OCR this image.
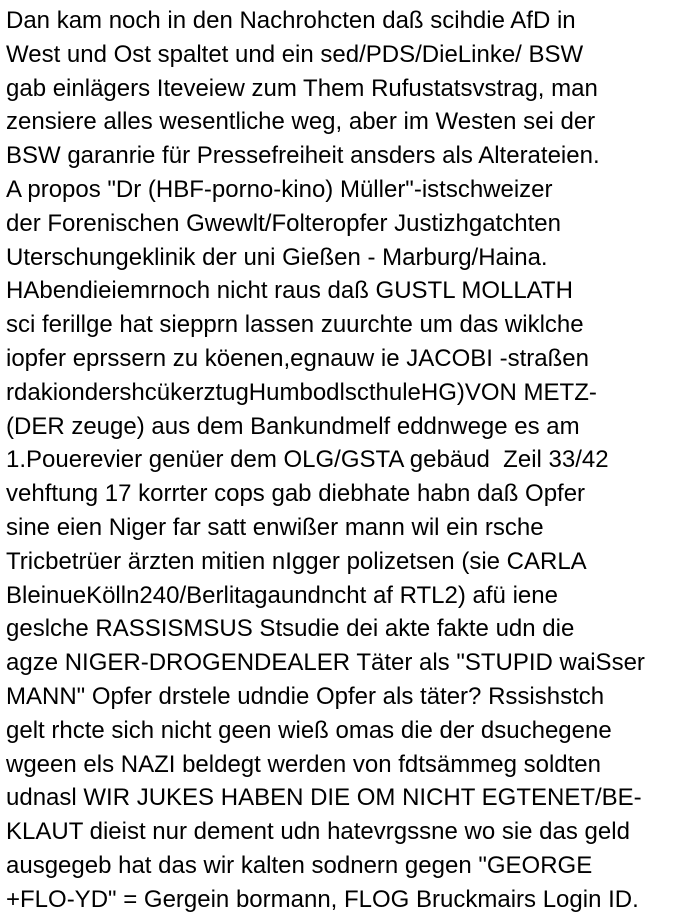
Dan kam noch in den Nachrohcten daß scihdie AfD in
West und Ost spaltet und ein sed/PDS/DieLinke/ BSW
gab einlägers Iteveiew zum Them Rufustatsvstrag, man
zensiere alles wesentliche weg, aber im Westen sei der
BSW garanrie für Pressefreiheit ansders als Alterateien.
A propos "Dr (HBF-porno-kino) Müller"-istschweizer
der Forenischen Gwewlt/Folteropfer Justizhgatchten
Uterschungeklinik der uni Gießen - Marburg/Haina.
HAbendieiemrnoch nicht raus daß GUSTL MOLLATH
sci ferillge hat siepprn lassen zuurchte um das wiklche
iopfer eprssern zu köenen,egnauw ie JACOBI -straßen
rdakiondershcükerztugHumbodlscthuleHG)VON METZ-
(DER zeuge) aus dem Bankundmelf eddnwege es am
1.Pouerevier genüer dem OLG/GSTA gebäud  Zeil 33/42
vehftung 17 korrter cops gab diebhate habn daß Opfer
sine eien Niger far satt enwißer mann wil ein rsche
Tricbetrüer ärzten mitien nIgger polizetsen (sie CARLA
BleinueKölln240/Berlitagaundncht af RTL2) afü iene
geslche RASSISMSUS Stsudie dei akte fakte udn die
agze NIGER-DROGENDEALER Täter als "STUPID waiSser
MANN" Opfer drstele udndie Opfer als täter? Rssishstch
gelt rhcte sich nicht geen wieß omas die der dsuchegene
wgeen els NAZI beldegt werden von fdtsämmeg soldten
udnasl WIR JUKES HABEN DIE OM NICHT EGTENET/BE-
KLAUT dieist nur dement udn hatevrgssne wo sie das geld
ausgegeb hat das wir kalten sodnern gegen "GEORGE
+FLO-YD" = Gergein bormann, FLOG Bruckmairs Login ID.
